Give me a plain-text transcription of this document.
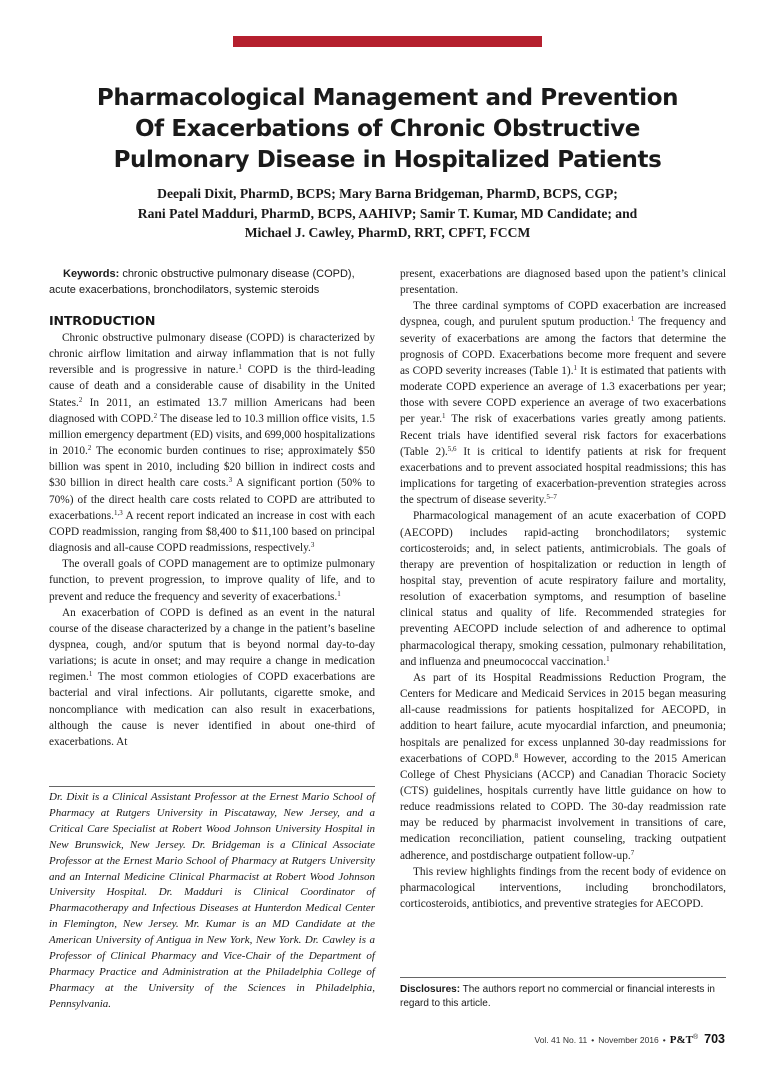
Pharmacological Management and Prevention
Of Exacerbations of Chronic Obstructive
Pulmonary Disease in Hospitalized Patients
Deepali Dixit, PharmD, BCPS; Mary Barna Bridgeman, PharmD, BCPS, CGP;
Rani Patel Madduri, PharmD, BCPS, AAHIVP; Samir T. Kumar, MD Candidate; and
Michael J. Cawley, PharmD, RRT, CPFT, FCCM

Keywords: chronic obstructive pulmonary disease (COPD), acute exacerbations, bronchodilators, systemic steroids

INTRODUCTION

Chronic obstructive pulmonary disease (COPD) is characterized by chronic airflow limitation and airway inflammation that is not fully reversible and is progressive in nature.$^1$ COPD is the third-leading cause of death and a considerable cause of disability in the United States.$^2$ In 2011, an estimated 13.7 million Americans had been diagnosed with COPD.$^2$ The disease led to 10.3 million office visits, 1.5 million emergency department (ED) visits, and 699,000 hospitalizations in 2010.$^2$ The economic burden continues to rise; approximately $50 billion was spent in 2010, including $20 billion in indirect costs and $30 billion in direct health care costs.$^3$ A significant portion (50% to 70%) of the direct health care costs related to COPD are attributed to exacerbations.$^{1,3}$ A recent report indicated an increase in cost with each COPD readmission, ranging from $8,400 to $11,100 based on principal diagnosis and all-cause COPD readmissions, respectively.$^3$

The overall goals of COPD management are to optimize pulmonary function, to prevent progression, to improve quality of life, and to prevent and reduce the frequency and severity of exacerbations.$^1$

An exacerbation of COPD is defined as an event in the natural course of the disease characterized by a change in the patient’s baseline dyspnea, cough, and/or sputum that is beyond normal day-to-day variations; is acute in onset; and may require a change in medication regimen.$^1$ The most common etiologies of COPD exacerbations are bacterial and viral infections. Air pollutants, cigarette smoke, and noncompliance with medication can also result in exacerbations, although the cause is never identified in about one-third of exacerbations. At

present, exacerbations are diagnosed based upon the patient’s clinical presentation.

The three cardinal symptoms of COPD exacerbation are increased dyspnea, cough, and purulent sputum production.$^1$ The frequency and severity of exacerbations are among the factors that determine the prognosis of COPD. Exacerbations become more frequent and severe as COPD severity increases (Table 1).$^1$ It is estimated that patients with moderate COPD experience an average of 1.3 exacerbations per year; those with severe COPD experience an average of two exacerbations per year.$^1$ The risk of exacerbations varies greatly among patients. Recent trials have identified several risk factors for exacerbations (Table 2).$^{5,6}$ It is critical to identify patients at risk for frequent exacerbations and to prevent associated hospital readmissions; this has implications for targeting of exacerbation-prevention strategies across the spectrum of disease severity.$^{5-7}$

Pharmacological management of an acute exacerbation of COPD (AECOPD) includes rapid-acting bronchodilators; systemic corticosteroids; and, in select patients, antimicrobials. The goals of therapy are prevention of hospitalization or reduction in length of hospital stay, prevention of acute respiratory failure and mortality, resolution of exacerbation symptoms, and resumption of baseline clinical status and quality of life. Recommended strategies for preventing AECOPD include selection of and adherence to optimal pharmacological therapy, smoking cessation, pulmonary rehabilitation, and influenza and pneumococcal vaccination.$^1$

As part of its Hospital Readmissions Reduction Program, the Centers for Medicare and Medicaid Services in 2015 began measuring all-cause readmissions for patients hospitalized for AECOPD, in addition to heart failure, acute myocardial infarction, and pneumonia; hospitals are penalized for excess unplanned 30-day readmissions for exacerbations of COPD.$^8$ However, according to the 2015 American College of Chest Physicians (ACCP) and Canadian Thoracic Society (CTS) guidelines, hospitals currently have little guidance on how to reduce readmissions related to COPD. The 30-day readmission rate may be reduced by pharmacist involvement in transitions of care, medication reconciliation, patient counseling, tracking outpatient adherence, and postdischarge outpatient follow-up.$^7$

This review highlights findings from the recent body of evidence on pharmacological interventions, including bronchodilators, corticosteroids, antibiotics, and preventive strategies for AECOPD.

Dr. Dixit is a Clinical Assistant Professor at the Ernest Mario School of Pharmacy at Rutgers University in Piscataway, New Jersey, and a Critical Care Specialist at Robert Wood Johnson University Hospital in New Brunswick, New Jersey. Dr. Bridgeman is a Clinical Associate Professor at the Ernest Mario School of Pharmacy at Rutgers University and an Internal Medicine Clinical Pharmacist at Robert Wood Johnson University Hospital. Dr. Madduri is Clinical Coordinator of Pharmacotherapy and Infectious Diseases at Hunterdon Medical Center in Flemington, New Jersey. Mr. Kumar is an MD Candidate at the American University of Antigua in New York, New York. Dr. Cawley is a Professor of Clinical Pharmacy and Vice-Chair of the Department of Pharmacy Practice and Administration at the Philadelphia College of Pharmacy at the University of the Sciences in Philadelphia, Pennsylvania.
Disclosures: The authors report no commercial or financial interests in regard to this article.
Vol. 41 No. 11 • November 2016 • P&T® 703
